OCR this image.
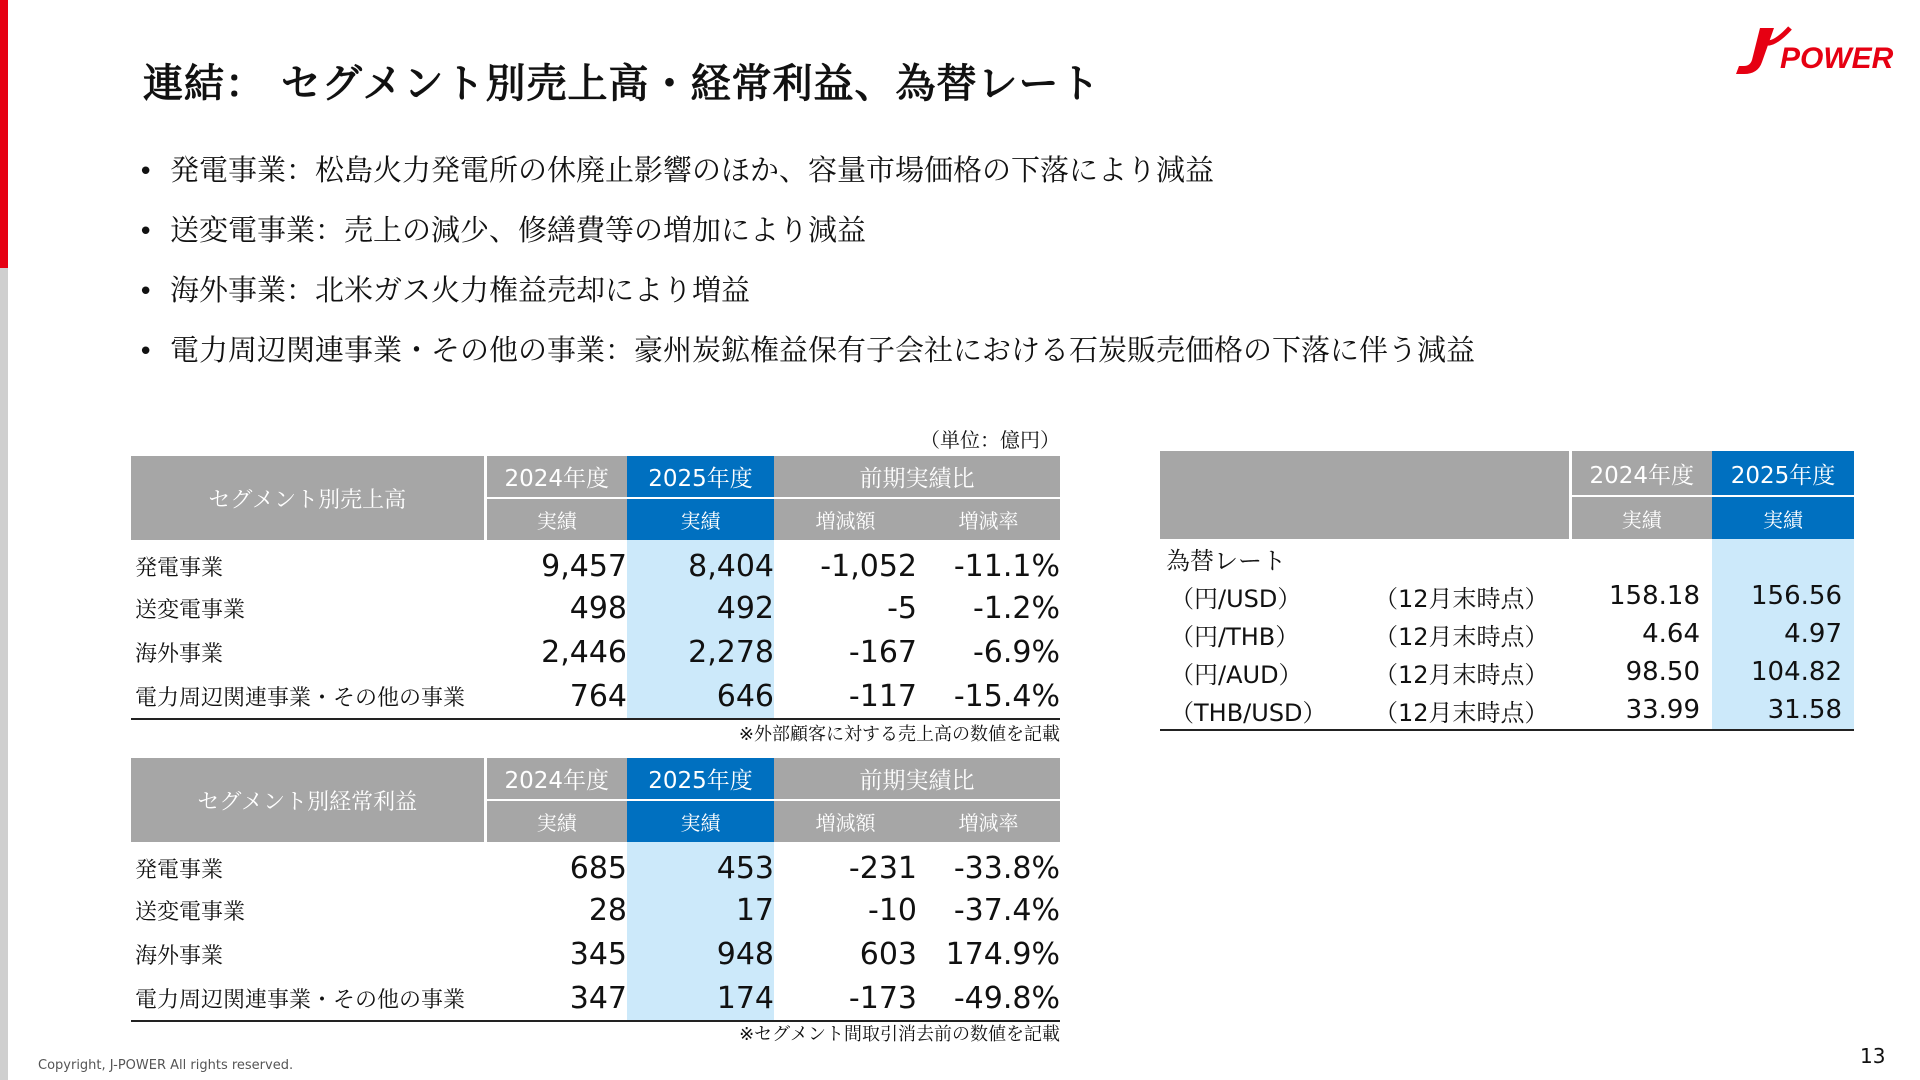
連結： セグメント別売上高・経常利益、為替レート
POWER
• 発電事業：松島火力発電所の休廃止影響のほか、容量市場価格の下落により減益
• 送変電事業：売上の減少、修繕費等の増加により減益
• 海外事業：北米ガス火力権益売却により増益
• 電力周辺関連事業・その他の事業：豪州炭鉱権益保有子会社における石炭販売価格の下落に伴う減益
（単位：億円）
セグメント別売上高	2024年度	2025年度	前期実績比	
	実績	実績	増減額	増減率
発電事業	9,457	8,404	-1,052	-11.1%
送変電事業	498	492	-5	-1.2%
海外事業	2,446	2,278	-167	-6.9%
電力周辺関連事業・その他の事業	764	646	-117	-15.4%
※外部顧客に対する売上高の数値を記載
セグメント別経常利益	2024年度	2025年度	前期実績比	
	実績	実績	増減額	増減率
発電事業	685	453	-231	-33.8%
送変電事業	28	17	-10	-37.4%
海外事業	345	948	603	174.9%
電力周辺関連事業・その他の事業	347	174	-173	-49.8%
※セグメント間取引消去前の数値を記載
		2024年度	2025年度
		実績	実績
為替レート			
（円/USD）	（12月末時点）	158.18	156.56
（円/THB）	（12月末時点）	4.64	4.97
（円/AUD）	（12月末時点）	98.50	104.82
（THB/USD）	（12月末時点）	33.99	31.58
Copyright, J-POWER All rights reserved.	13
